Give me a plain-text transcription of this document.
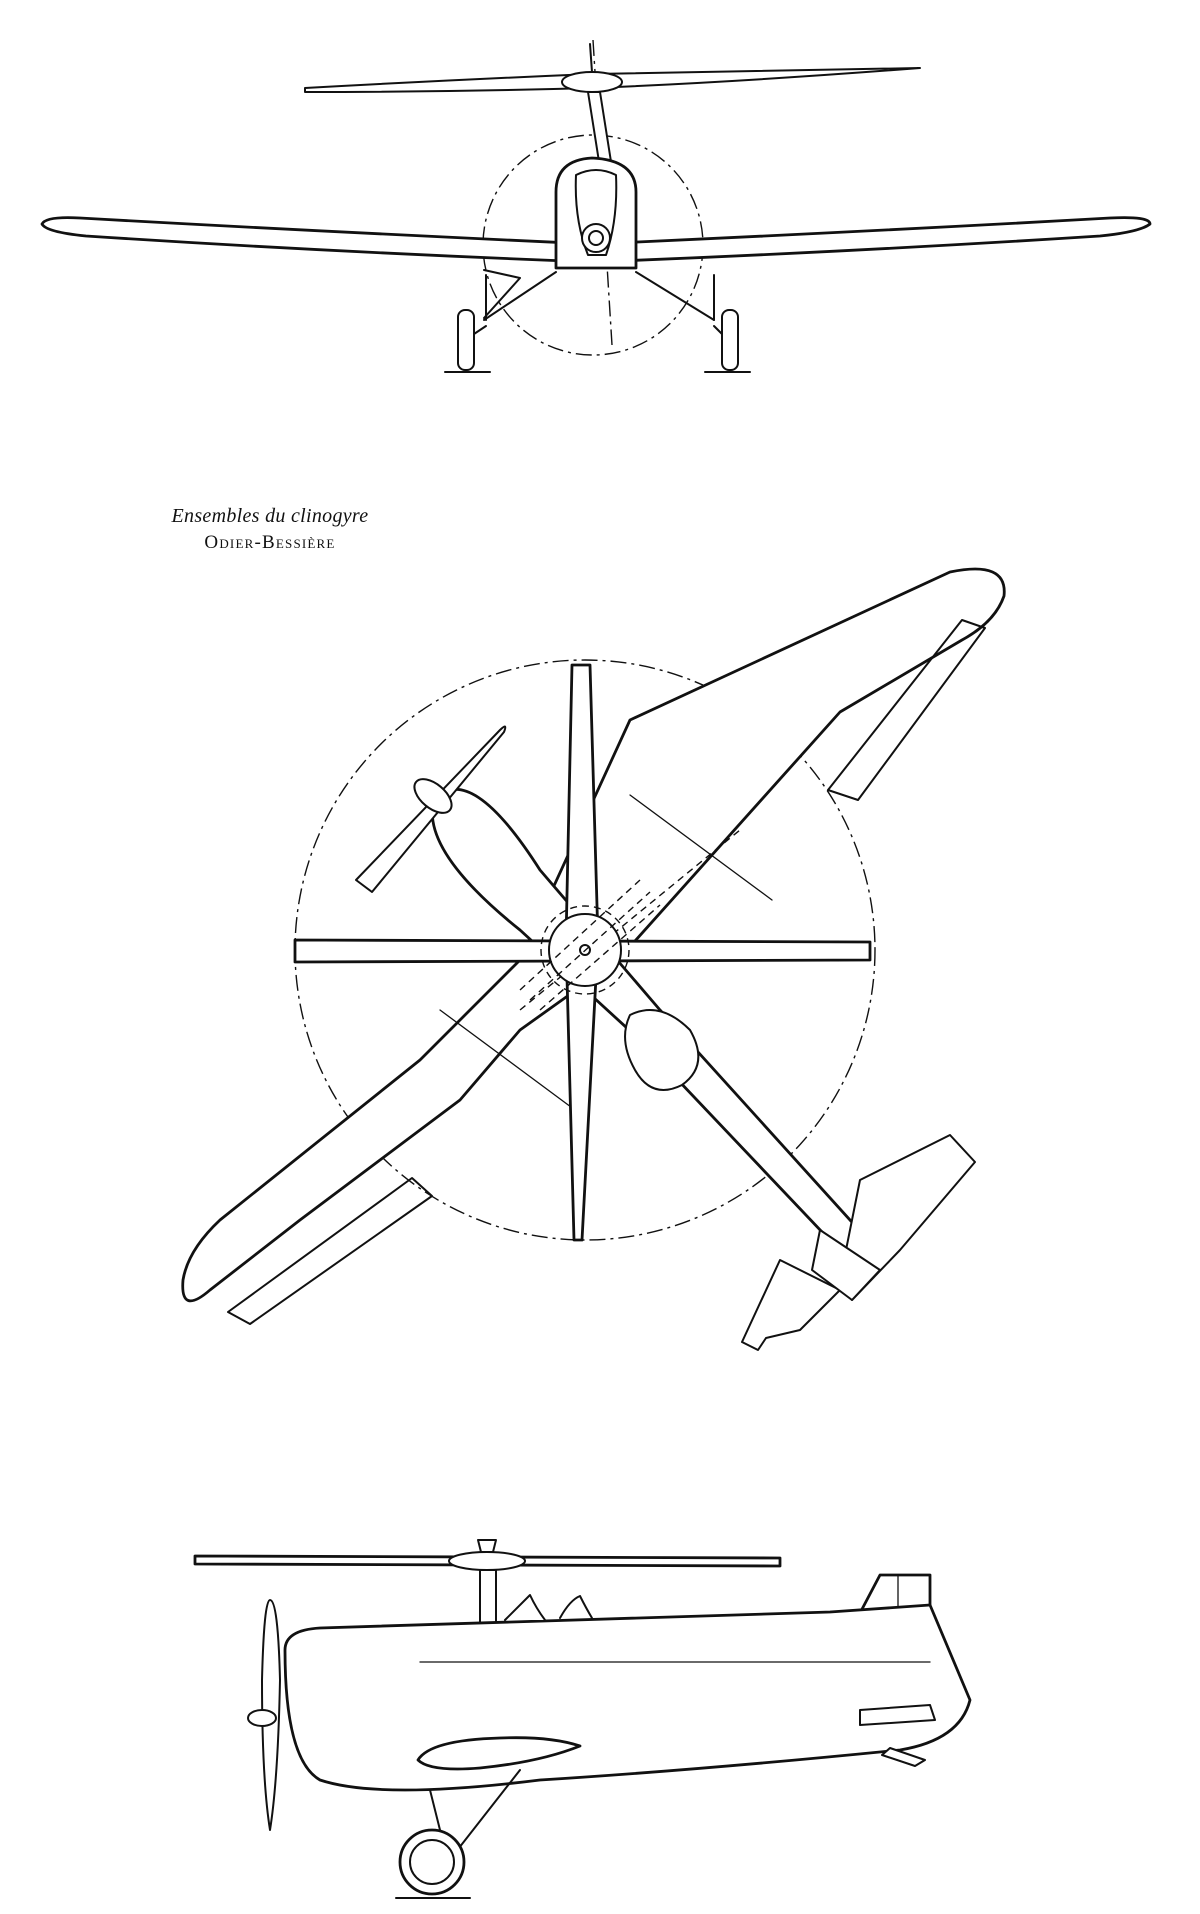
Ensembles du clinogyre
Odier-Bessière
